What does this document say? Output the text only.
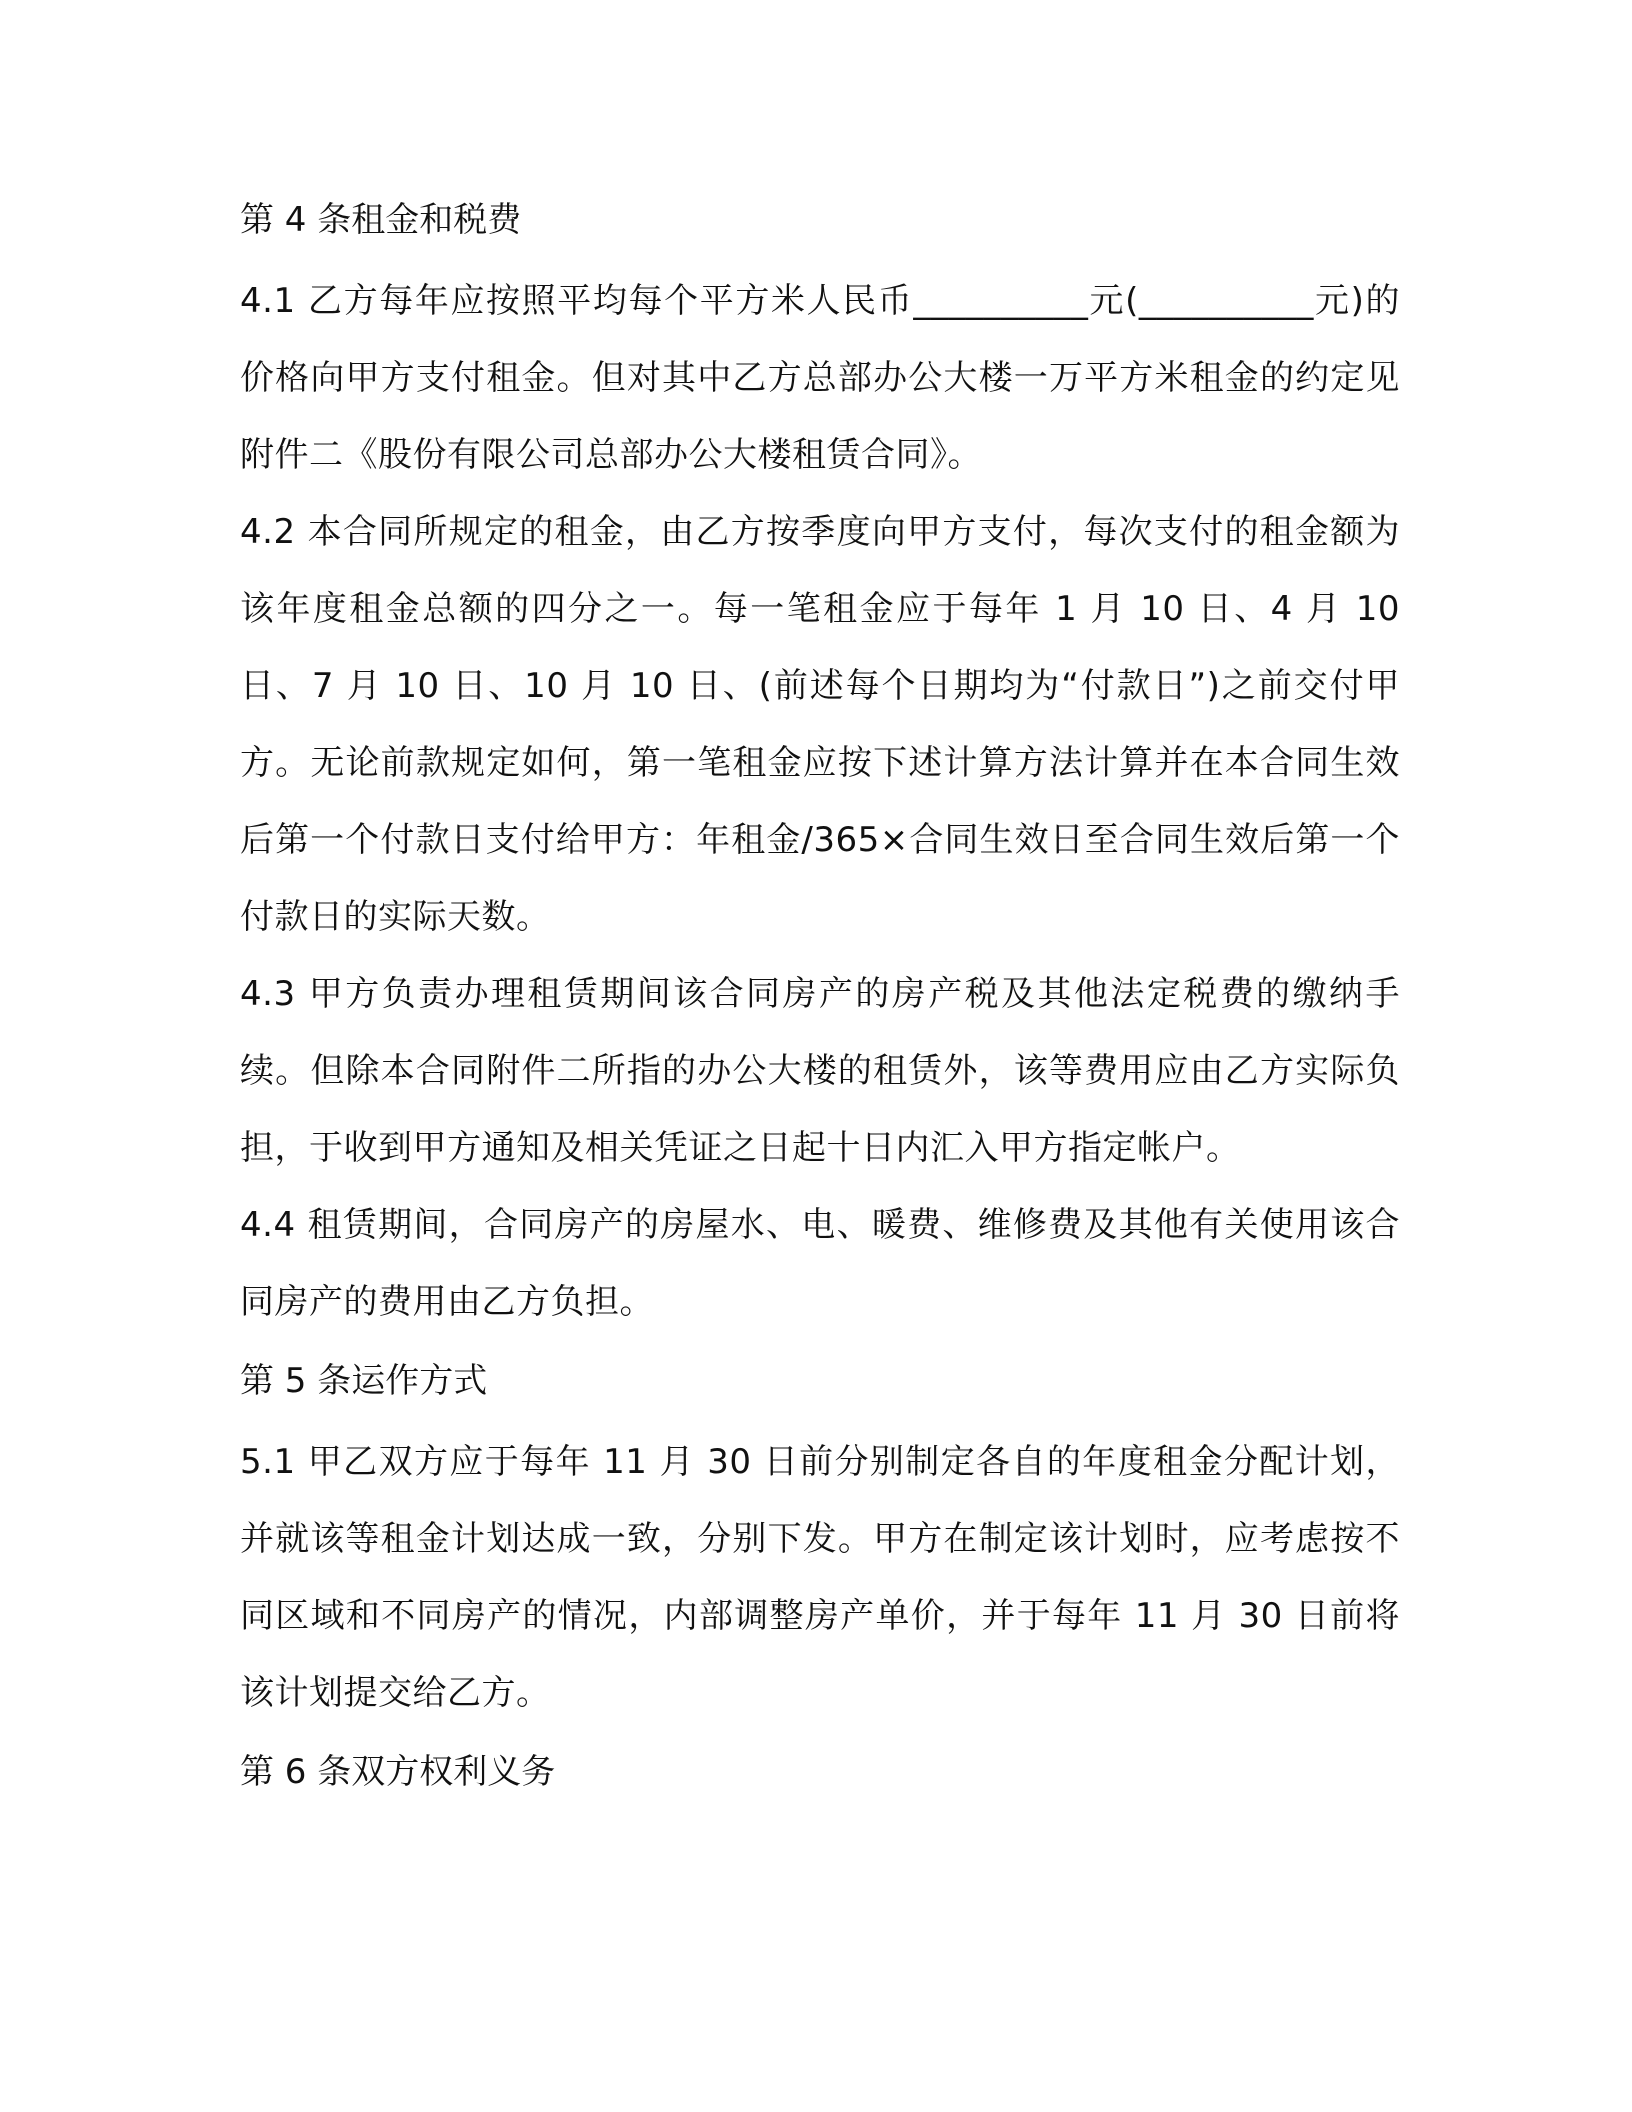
第 4 条租金和税费

4.1 乙方每年应按照平均每个平方米人民币__________元(__________元)的价格向甲方支付租金。但对其中乙方总部办公大楼一万平方米租金的约定见附件二《股份有限公司总部办公大楼租赁合同》。

4.2 本合同所规定的租金，由乙方按季度向甲方支付，每次支付的租金额为该年度租金总额的四分之一。每一笔租金应于每年 1 月 10 日、4 月 10 日、7 月 10 日、10 月 10 日、(前述每个日期均为“付款日”)之前交付甲方。无论前款规定如何，第一笔租金应按下述计算方法计算并在本合同生效后第一个付款日支付给甲方：年租金/365×合同生效日至合同生效后第一个付款日的实际天数。

4.3 甲方负责办理租赁期间该合同房产的房产税及其他法定税费的缴纳手续。但除本合同附件二所指的办公大楼的租赁外，该等费用应由乙方实际负担，于收到甲方通知及相关凭证之日起十日内汇入甲方指定帐户。

4.4 租赁期间，合同房产的房屋水、电、暖费、维修费及其他有关使用该合同房产的费用由乙方负担。

第 5 条运作方式

5.1 甲乙双方应于每年 11 月 30 日前分别制定各自的年度租金分配计划，并就该等租金计划达成一致，分别下发。甲方在制定该计划时，应考虑按不同区域和不同房产的情况，内部调整房产单价，并于每年 11 月 30 日前将该计划提交给乙方。

第 6 条双方权利义务
